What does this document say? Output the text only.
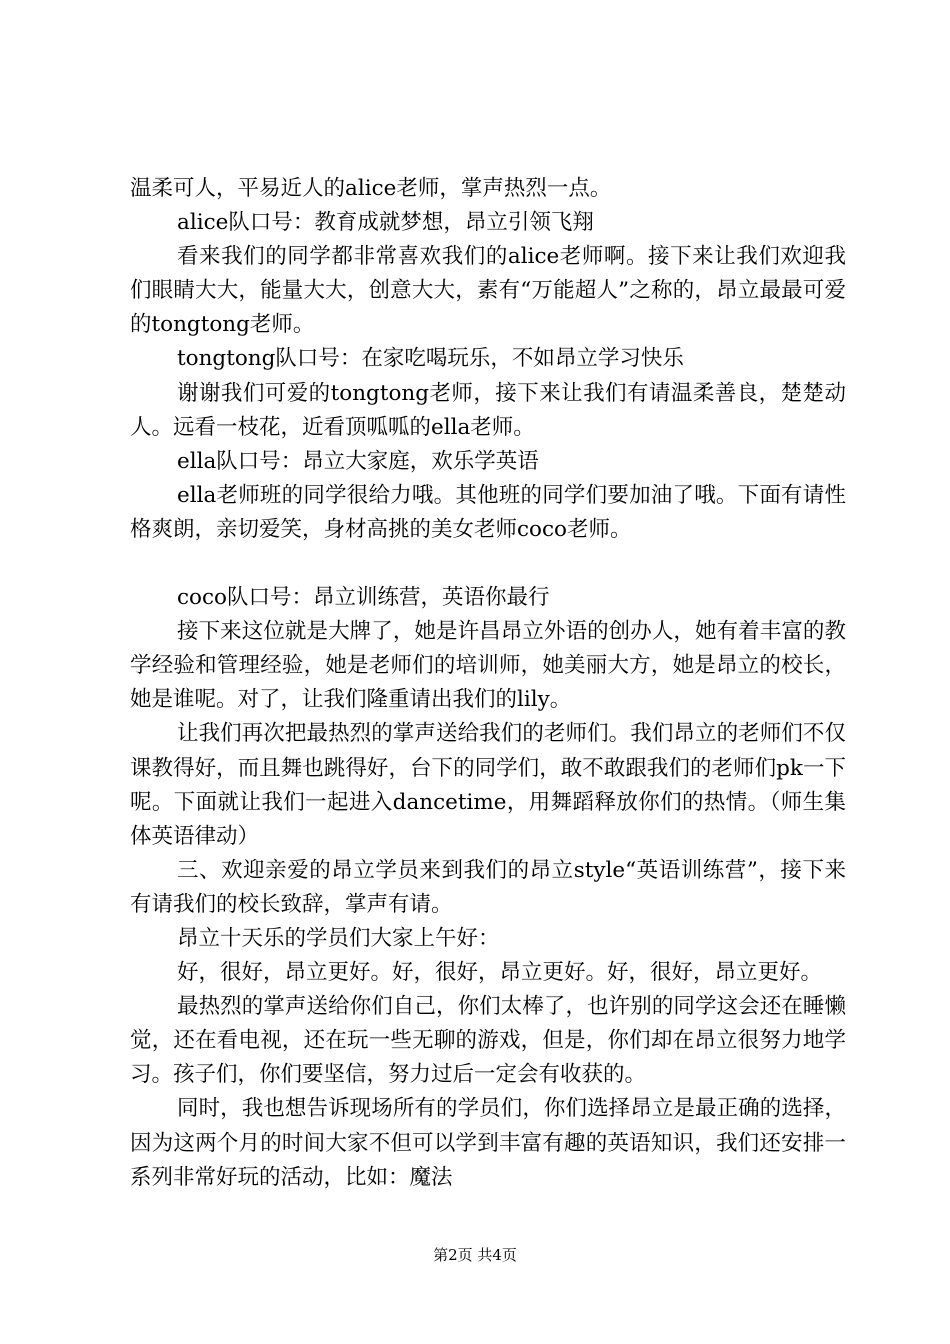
温柔可人，平易近人的alice老师，掌声热烈一点。

alice队口号：教育成就梦想，昂立引领飞翔

看来我们的同学都非常喜欢我们的alice老师啊。接下来让我们欢迎我们眼睛大大，能量大大，创意大大，素有“万能超人”之称的，昂立最最可爱的tongtong老师。

tongtong队口号：在家吃喝玩乐，不如昂立学习快乐

谢谢我们可爱的tongtong老师，接下来让我们有请温柔善良，楚楚动人。远看一枝花，近看顶呱呱的ella老师。

ella队口号：昂立大家庭，欢乐学英语

ella老师班的同学很给力哦。其他班的同学们要加油了哦。下面有请性格爽朗，亲切爱笑，身材高挑的美女老师coco老师。

coco队口号：昂立训练营，英语你最行

接下来这位就是大牌了，她是许昌昂立外语的创办人，她有着丰富的教学经验和管理经验，她是老师们的培训师，她美丽大方，她是昂立的校长，她是谁呢。对了，让我们隆重请出我们的lily。

让我们再次把最热烈的掌声送给我们的老师们。我们昂立的老师们不仅课教得好，而且舞也跳得好，台下的同学们，敢不敢跟我们的老师们pk一下呢。下面就让我们一起进入dancetime，用舞蹈释放你们的热情。（师生集体英语律动）

三、欢迎亲爱的昂立学员来到我们的昂立style“英语训练营”，接下来有请我们的校长致辞，掌声有请。

昂立十天乐的学员们大家上午好：

好，很好，昂立更好。好，很好，昂立更好。好，很好，昂立更好。

最热烈的掌声送给你们自己，你们太棒了，也许别的同学这会还在睡懒觉，还在看电视，还在玩一些无聊的游戏，但是，你们却在昂立很努力地学习。孩子们，你们要坚信，努力过后一定会有收获的。

同时，我也想告诉现场所有的学员们，你们选择昂立是最正确的选择，因为这两个月的时间大家不但可以学到丰富有趣的英语知识，我们还安排一系列非常好玩的活动，比如：魔法

第2页 共4页
